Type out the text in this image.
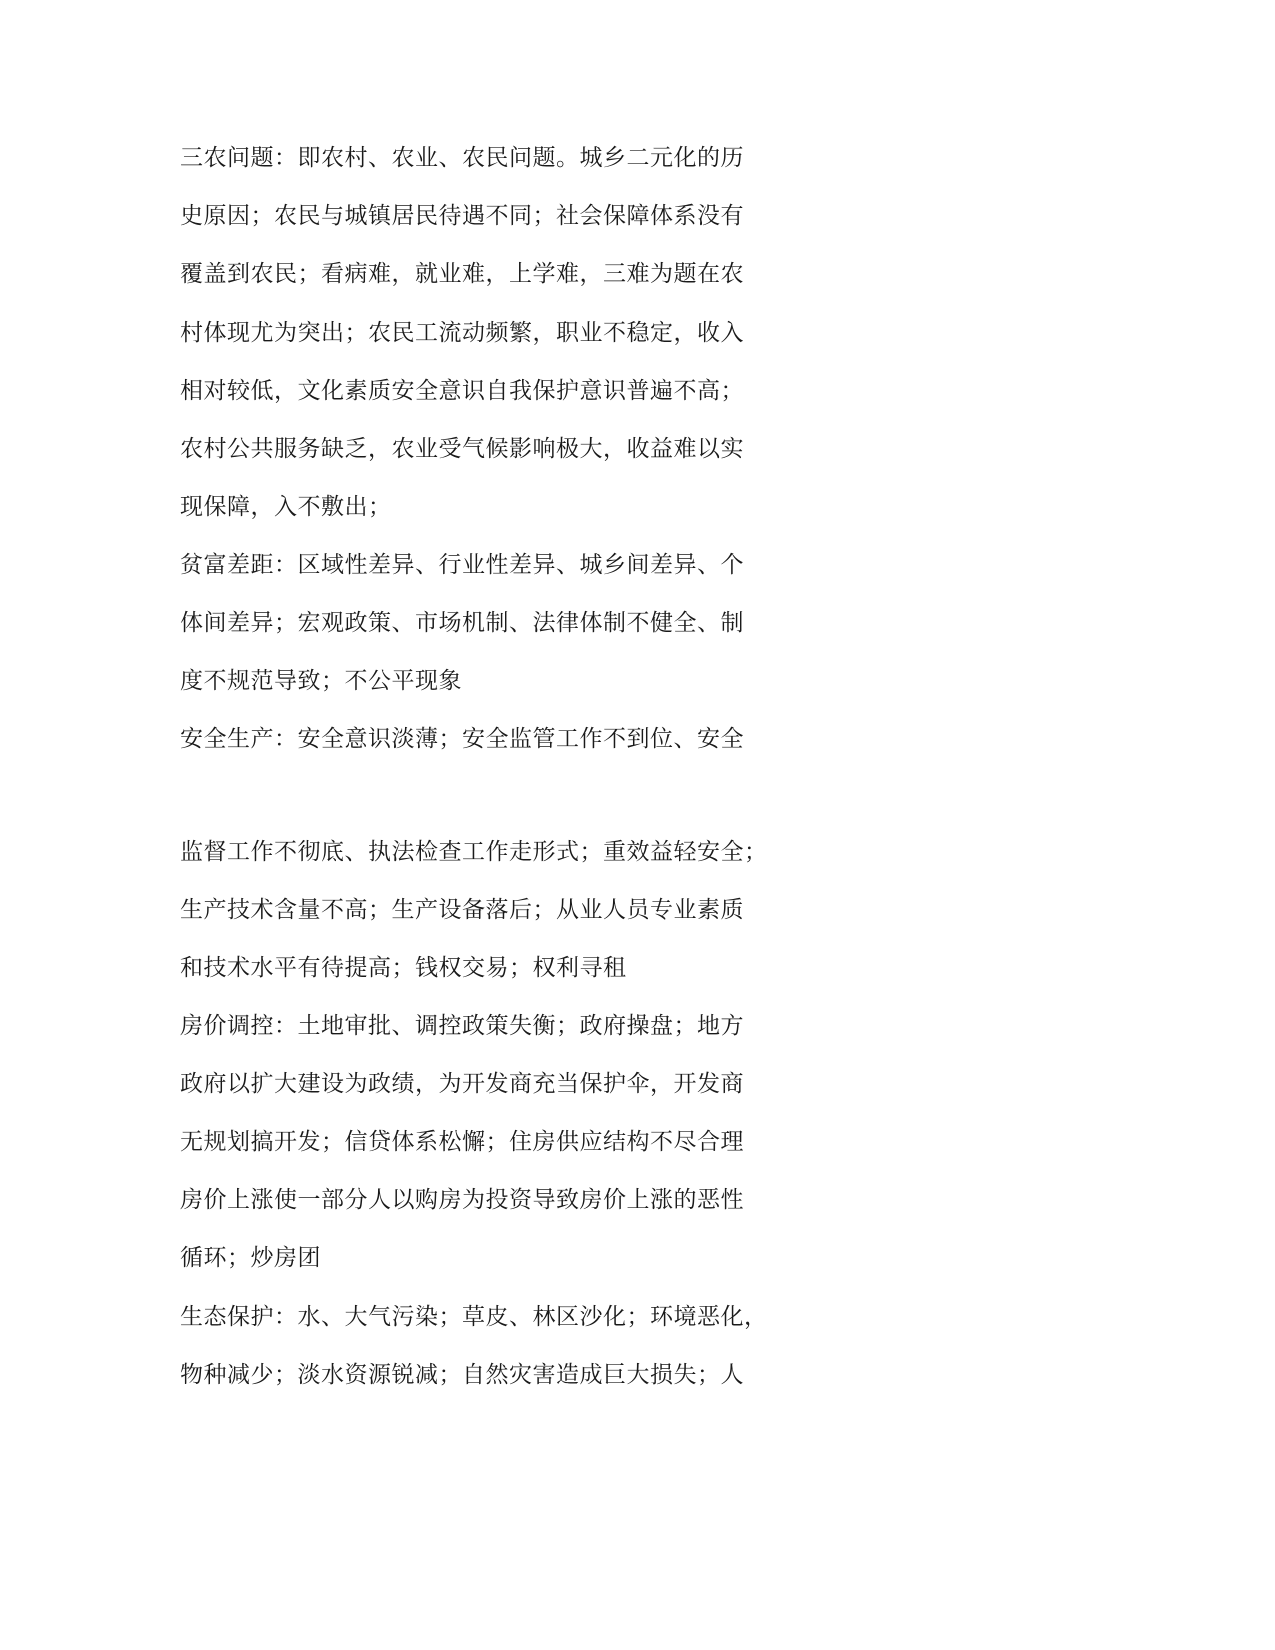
三农问题：即农村、农业、农民问题。城乡二元化的历
史原因；农民与城镇居民待遇不同；社会保障体系没有
覆盖到农民；看病难，就业难，上学难，三难为题在农
村体现尤为突出；农民工流动频繁，职业不稳定，收入
相对较低，文化素质安全意识自我保护意识普遍不高；
农村公共服务缺乏，农业受气候影响极大，收益难以实
现保障，入不敷出；
贫富差距：区域性差异、行业性差异、城乡间差异、个
体间差异；宏观政策、市场机制、法律体制不健全、制
度不规范导致；不公平现象
安全生产：安全意识淡薄；安全监管工作不到位、安全
监督工作不彻底、执法检查工作走形式；重效益轻安全；
生产技术含量不高；生产设备落后；从业人员专业素质
和技术水平有待提高；钱权交易；权利寻租
房价调控：土地审批、调控政策失衡；政府操盘；地方
政府以扩大建设为政绩，为开发商充当保护伞，开发商
无规划搞开发；信贷体系松懈；住房供应结构不尽合理
房价上涨使一部分人以购房为投资导致房价上涨的恶性
循环；炒房团
生态保护：水、大气污染；草皮、林区沙化；环境恶化，
物种减少；淡水资源锐减；自然灾害造成巨大损失；人
